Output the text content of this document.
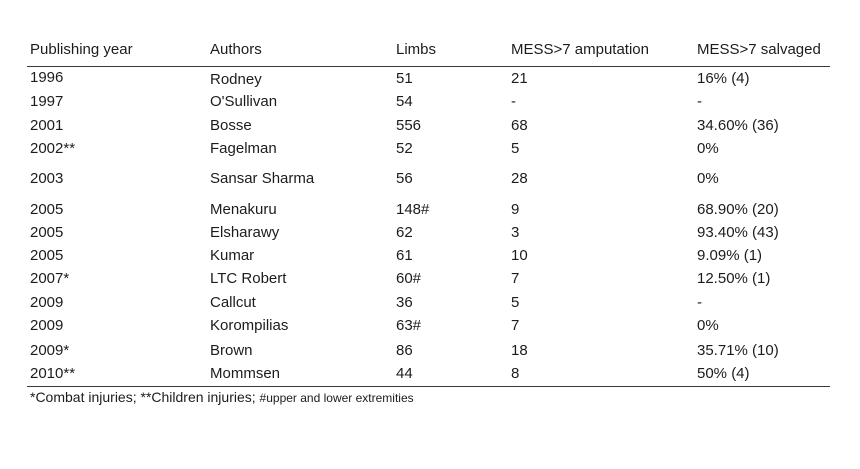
Publishing year	Authors	Limbs	MESS>7 amputation	MESS>7 salvaged
1996	Rodney	51	21	16% (4)
1997	O'Sullivan	54	-	-
2001	Bosse	556	68	34.60% (36)
2002**	Fagelman	52	5	0%
2003	Sansar Sharma	56	28	0%
2005	Menakuru	148#	9	68.90% (20)
2005	Elsharawy	62	3	93.40% (43)
2005	Kumar	61	10	9.09% (1)
2007*	LTC Robert	60#	7	12.50% (1)
2009	Callcut	36	5	-
2009	Korompilias	63#	7	0%
2009*	Brown	86	18	35.71% (10)
2010**	Mommsen	44	8	50% (4)
*Combat injuries; **Children injuries; #upper and lower extremities
